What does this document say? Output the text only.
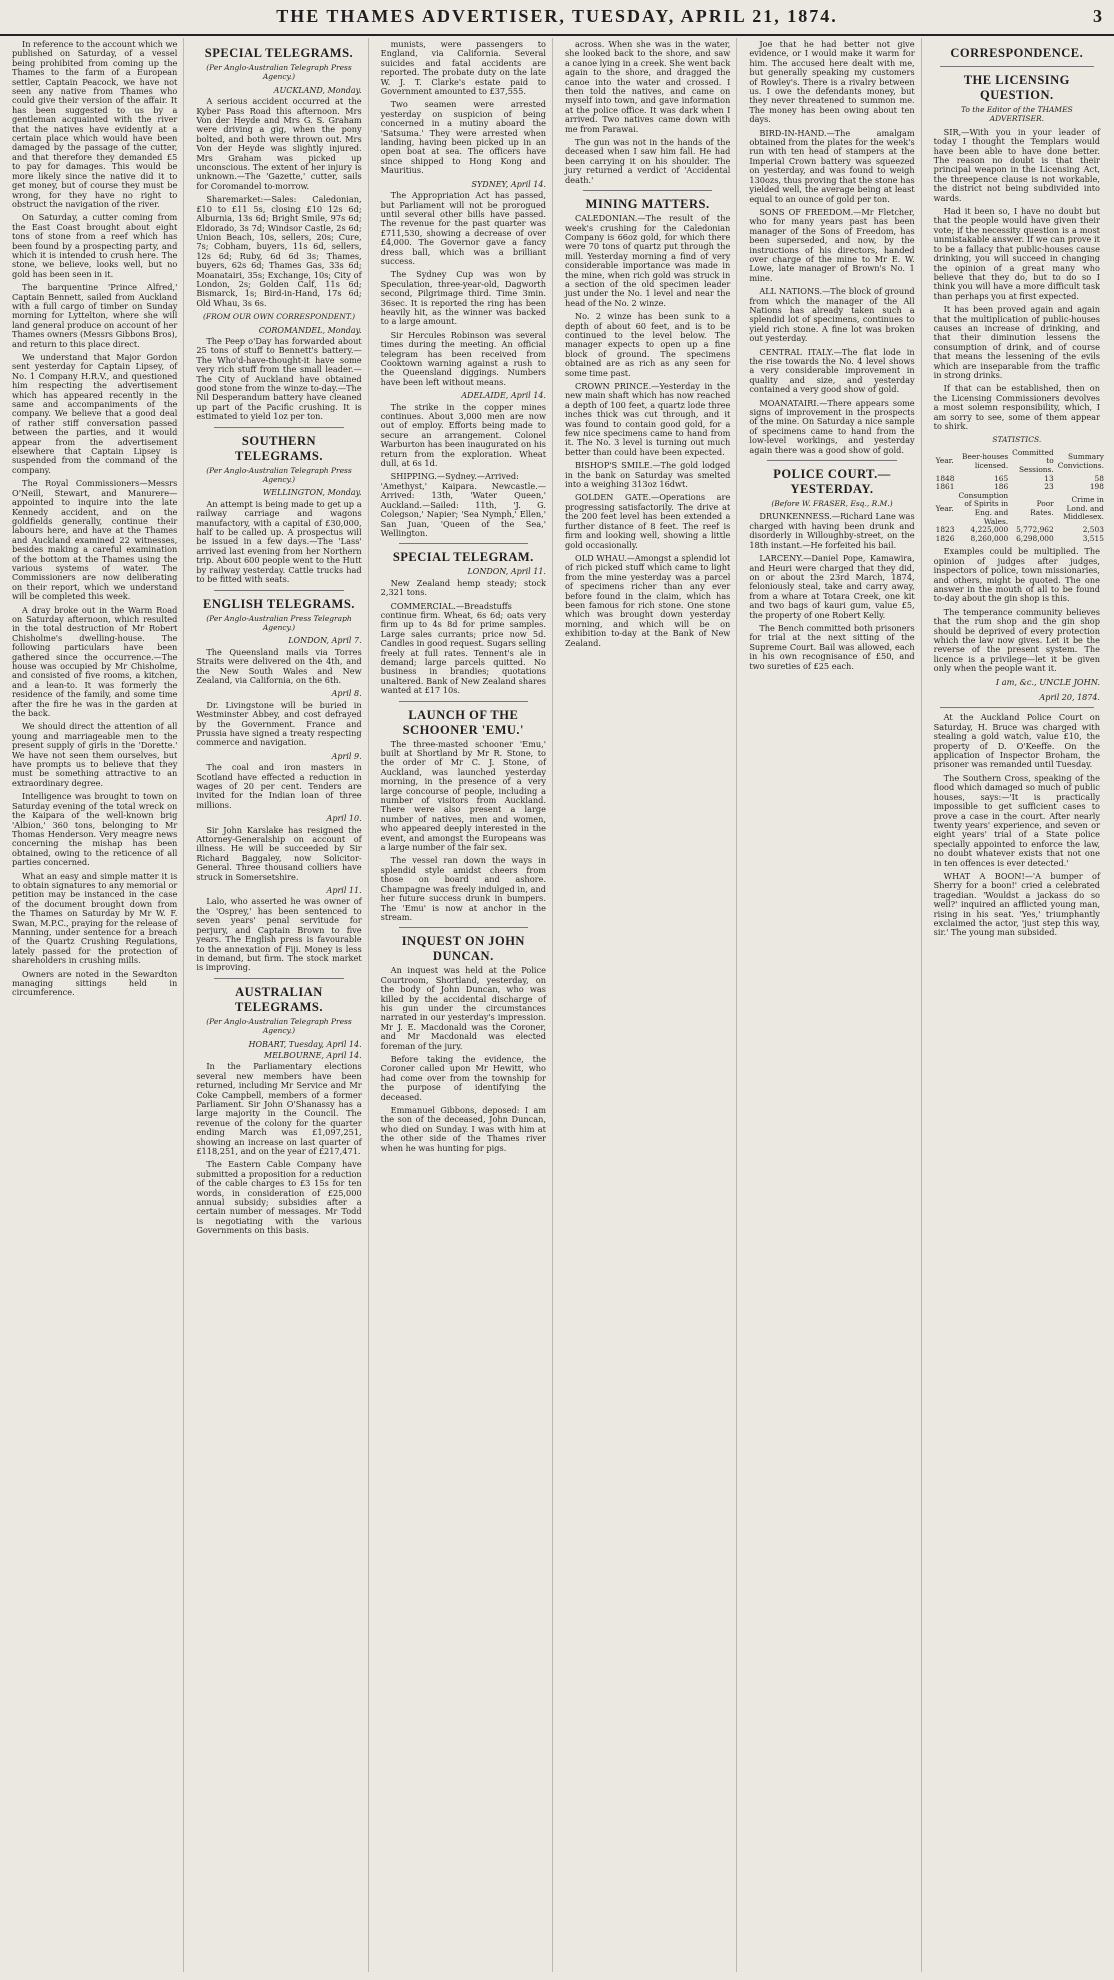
THE THAMES ADVERTISER, TUESDAY, APRIL 21, 1874.	3

In reference to the account which we published on Saturday, of a vessel being prohibited from coming up the Thames to the farm of a European settler, Captain Peacock, we have not seen any native from Thames who could give their version of the affair. It has been suggested to us by a gentleman acquainted with the river that the natives have evidently at a certain place which would have been damaged by the passage of the cutter, and that therefore they demanded £5 to pay for damages. This would be more likely since the native did it to get money, but of course they must be wrong, for they have no right to obstruct the navigation of the river.

On Saturday, a cutter coming from the East Coast brought about eight tons of stone from a reef which has been found by a prospecting party, and which it is intended to crush here. The stone, we believe, looks well, but no gold has been seen in it.

The barquentine 'Prince Alfred,' Captain Bennett, sailed from Auckland with a full cargo of timber on Sunday morning for Lyttelton, where she will land general produce on account of her Thames owners (Messrs Gibbons Bros), and return to this place direct.

We understand that Major Gordon sent yesterday for Captain Lipsey, of No. 1 Company H.R.V., and questioned him respecting the advertisement which has appeared recently in the same and accompaniments of the company. We believe that a good deal of rather stiff conversation passed between the parties, and it would appear from the advertisement elsewhere that Captain Lipsey is suspended from the command of the company.

The Royal Commissioners—Messrs O'Neill, Stewart, and Manurere—appointed to inquire into the late Kennedy accident, and on the goldfields generally, continue their labours here, and have at the Thames and Auckland examined 22 witnesses, besides making a careful examination of the bottom at the Thames using the various systems of water. The Commissioners are now deliberating on their report, which we understand will be completed this week.

A dray broke out in the Warm Road on Saturday afternoon, which resulted in the total destruction of Mr Robert Chisholme's dwelling-house. The following particulars have been gathered since the occurrence.—The house was occupied by Mr Chisholme, and consisted of five rooms, a kitchen, and a lean-to. It was formerly the residence of the family, and some time after the fire he was in the garden at the back.

We should direct the attention of all young and marriageable men to the present supply of girls in the 'Dorette.' We have not seen them ourselves, but have prompts us to believe that they must be something attractive to an extraordinary degree.

Intelligence was brought to town on Saturday evening of the total wreck on the Kaipara of the well-known brig 'Albion,' 360 tons, belonging to Mr Thomas Henderson. Very meagre news concerning the mishap has been obtained, owing to the reticence of all parties concerned.

What an easy and simple matter it is to obtain signatures to any memorial or petition may be instanced in the case of the document brought down from the Thames on Saturday by Mr W. F. Swan, M.P.C., praying for the release of Manning, under sentence for a breach of the Quartz Crushing Regulations, lately passed for the protection of shareholders in crushing mills.

Owners are noted in the Sewardton managing sittings held in circumference.

SPECIAL TELEGRAMS.
(Per Anglo-Australian Telegraph Press Agency.)
AUCKLAND, Monday.

A serious accident occurred at the Kyber Pass Road this afternoon. Mrs Von der Heyde and Mrs G. S. Graham were driving a gig, when the pony bolted, and both were thrown out. Mrs Von der Heyde was slightly injured. Mrs Graham was picked up unconscious. The extent of her injury is unknown.—The 'Gazette,' cutter, sails for Coromandel to-morrow.

Sharemarket:—Sales: Caledonian, £10 to £11 5s, closing £10 12s 6d; Alburnia, 13s 6d; Bright Smile, 97s 6d; Eldorado, 3s 7d; Windsor Castle, 2s 6d; Union Beach, 10s, sellers, 20s; Cure, 7s; Cobham, buyers, 11s 6d, sellers, 12s 6d; Ruby, 6d 6d 3s; Thames, buyers, 62s 6d; Thames Gas, 33s 6d; Moanatairi, 35s; Exchange, 10s; City of London, 2s; Golden Calf, 11s 6d; Bismarck, 1s; Bird-in-Hand, 17s 6d; Old Whau, 3s 6s.

(FROM OUR OWN CORRESPONDENT.)
COROMANDEL, Monday.

The Peep o'Day has forwarded about 25 tons of stuff to Bennett's battery.—The Who'd-have-thought-it have some very rich stuff from the small leader.—The City of Auckland have obtained good stone from the winze to-day.—The Nil Desperandum battery have cleaned up part of the Pacific crushing. It is estimated to yield 1oz per ton.

SOUTHERN TELEGRAMS.
(Per Anglo-Australian Telegraph Press Agency.)
WELLINGTON, Monday.

An attempt is being made to get up a railway carriage and wagons manufactory, with a capital of £30,000, half to be called up. A prospectus will be issued in a few days.—The 'Lass' arrived last evening from her Northern trip. About 600 people went to the Hutt by railway yesterday. Cattle trucks had to be fitted with seats.

ENGLISH TELEGRAMS.
(Per Anglo-Australian Press Telegraph Agency.)
LONDON, April 7.

The Queensland mails via Torres Straits were delivered on the 4th, and the New South Wales and New Zealand, via California, on the 6th.

April 8.

Dr. Livingstone will be buried in Westminster Abbey, and cost defrayed by the Government. France and Prussia have signed a treaty respecting commerce and navigation.

April 9.

The coal and iron masters in Scotland have effected a reduction in wages of 20 per cent. Tenders are invited for the Indian loan of three millions.

April 10.

Sir John Karslake has resigned the Attorney-Generalship on account of illness. He will be succeeded by Sir Richard Baggaley, now Solicitor-General. Three thousand colliers have struck in Somersetshire.

April 11.

Lalo, who asserted he was owner of the 'Osprey,' has been sentenced to seven years' penal servitude for perjury, and Captain Brown to five years. The English press is favourable to the annexation of Fiji. Money is less in demand, but firm. The stock market is improving.

AUSTRALIAN TELEGRAMS.
(Per Anglo-Australian Telegraph Press Agency.)
HOBART, Tuesday, April 14.
MELBOURNE, April 14.

In the Parliamentary elections several new members have been returned, including Mr Service and Mr Coke Campbell, members of a former Parliament. Sir John O'Shanassy has a large majority in the Council. The revenue of the colony for the quarter ending March was £1,097,251, showing an increase on last quarter of £118,251, and on the year of £217,471.

The Eastern Cable Company have submitted a proposition for a reduction of the cable charges to £3 15s for ten words, in consideration of £25,000 annual subsidy; subsidies after a certain number of messages. Mr Todd is negotiating with the various Governments on this basis.

munists, were passengers to England, via California. Several suicides and fatal accidents are reported. The probate duty on the late W. J. T. Clarke's estate paid to Government amounted to £37,555.

Two seamen were arrested yesterday on suspicion of being concerned in a mutiny aboard the 'Satsuma.' They were arrested when landing, having been picked up in an open boat at sea. The officers have since shipped to Hong Kong and Mauritius.

SYDNEY, April 14.

The Appropriation Act has passed, but Parliament will not be prorogued until several other bills have passed. The revenue for the past quarter was £711,530, showing a decrease of over £4,000. The Governor gave a fancy dress ball, which was a brilliant success.

The Sydney Cup was won by Speculation, three-year-old, Dagworth second, Pilgrimage third. Time 3min. 36sec. It is reported the ring has been heavily hit, as the winner was backed to a large amount.

Sir Hercules Robinson was several times during the meeting. An official telegram has been received from Cooktown warning against a rush to the Queensland diggings. Numbers have been left without means.

ADELAIDE, April 14.

The strike in the copper mines continues. About 3,000 men are now out of employ. Efforts being made to secure an arrangement. Colonel Warburton has been inaugurated on his return from the exploration. Wheat dull, at 6s 1d.

SHIPPING.—Sydney.—Arrived: 'Amethyst,' Kaipara. Newcastle.—Arrived: 13th, 'Water Queen,' Auckland.—Sailed: 11th, 'J. G. Colegson,' Napier; 'Sea Nymph,' Ellen,' San Juan, 'Queen of the Sea,' Wellington.

SPECIAL TELEGRAM.
LONDON, April 11.

New Zealand hemp steady; stock 2,321 tons.

COMMERCIAL.—Breadstuffs continue firm. Wheat, 6s 6d; oats very firm up to 4s 8d for prime samples. Large sales currants; price now 5d. Candles in good request. Sugars selling freely at full rates. Tennent's ale in demand; large parcels quitted. No business in brandies; quotations unaltered. Bank of New Zealand shares wanted at £17 10s.

LAUNCH OF THE SCHOONER 'EMU.'

The three-masted schooner 'Emu,' built at Shortland by Mr R. Stone, to the order of Mr C. J. Stone, of Auckland, was launched yesterday morning, in the presence of a very large concourse of people, including a number of visitors from Auckland. There were also present a large number of natives, men and women, who appeared deeply interested in the event, and amongst the Europeans was a large number of the fair sex.

The vessel ran down the ways in splendid style amidst cheers from those on board and ashore. Champagne was freely indulged in, and her future success drunk in bumpers. The 'Emu' is now at anchor in the stream.

INQUEST ON JOHN DUNCAN.

An inquest was held at the Police Courtroom, Shortland, yesterday, on the body of John Duncan, who was killed by the accidental discharge of his gun under the circumstances narrated in our yesterday's impression. Mr J. E. Macdonald was the Coroner, and Mr Macdonald was elected foreman of the jury.

Before taking the evidence, the Coroner called upon Mr Hewitt, who had come over from the township for the purpose of identifying the deceased.

Emmanuel Gibbons, deposed: I am the son of the deceased, John Duncan, who died on Sunday. I was with him at the other side of the Thames river when he was hunting for pigs.

across. When she was in the water, she looked back to the shore, and saw a canoe lying in a creek. She went back again to the shore, and dragged the canoe into the water and crossed. I then told the natives, and came on myself into town, and gave information at the police office. It was dark when I arrived. Two natives came down with me from Parawai.

The gun was not in the hands of the deceased when I saw him fall. He had been carrying it on his shoulder. The jury returned a verdict of 'Accidental death.'

MINING MATTERS.

CALEDONIAN.—The result of the week's crushing for the Caledonian Company is 66oz gold, for which there were 70 tons of quartz put through the mill. Yesterday morning a find of very considerable importance was made in the mine, when rich gold was struck in a section of the old specimen leader just under the No. 1 level and near the head of the No. 2 winze.

No. 2 winze has been sunk to a depth of about 60 feet, and is to be continued to the level below. The manager expects to open up a fine block of ground. The specimens obtained are as rich as any seen for some time past.

CROWN PRINCE.—Yesterday in the new main shaft which has now reached a depth of 100 feet, a quartz lode three inches thick was cut through, and it was found to contain good gold, for a few nice specimens came to hand from it. The No. 3 level is turning out much better than could have been expected.

BISHOP'S SMILE.—The gold lodged in the bank on Saturday was smelted into a weighing 313oz 16dwt.

GOLDEN GATE.—Operations are progressing satisfactorily. The drive at the 200 feet level has been extended a further distance of 8 feet. The reef is firm and looking well, showing a little gold occasionally.

OLD WHAU.—Amongst a splendid lot of rich picked stuff which came to light from the mine yesterday was a parcel of specimens richer than any ever before found in the claim, which has been famous for rich stone. One stone which was brought down yesterday morning, and which will be on exhibition to-day at the Bank of New Zealand.

Joe that he had better not give evidence, or I would make it warm for him. The accused here dealt with me, but generally speaking my customers of Rowley's. There is a rivalry between us. I owe the defendants money, but they never threatened to summon me. The money has been owing about ten days.

BIRD-IN-HAND.—The amalgam obtained from the plates for the week's run with ten head of stampers at the Imperial Crown battery was squeezed on yesterday, and was found to weigh 130ozs, thus proving that the stone has yielded well, the average being at least equal to an ounce of gold per ton.

SONS OF FREEDOM.—Mr Fletcher, who for many years past has been manager of the Sons of Freedom, has been superseded, and now, by the instructions of his directors, handed over charge of the mine to Mr E. W. Lowe, late manager of Brown's No. 1 mine.

ALL NATIONS.—The block of ground from which the manager of the All Nations has already taken such a splendid lot of specimens, continues to yield rich stone. A fine lot was broken out yesterday.

CENTRAL ITALY.—The flat lode in the rise towards the No. 4 level shows a very considerable improvement in quality and size, and yesterday contained a very good show of gold.

MOANATAIRI.—There appears some signs of improvement in the prospects of the mine. On Saturday a nice sample of specimens came to hand from the low-level workings, and yesterday again there was a good show of gold.

POLICE COURT.—YESTERDAY.
(Before W. FRASER, Esq., R.M.)

DRUNKENNESS.—Richard Lane was charged with having been drunk and disorderly in Willoughby-street, on the 18th instant.—He forfeited his bail.

LARCENY.—Daniel Pope, Kamawira, and Heuri were charged that they did, on or about the 23rd March, 1874, feloniously steal, take and carry away, from a whare at Totara Creek, one kit and two bags of kauri gum, value £5, the property of one Robert Kelly.

The Bench committed both prisoners for trial at the next sitting of the Supreme Court. Bail was allowed, each in his own recognisance of £50, and two sureties of £25 each.

CORRESPONDENCE.
THE LICENSING QUESTION.
To the Editor of the THAMES ADVERTISER.

SIR,—With you in your leader of today I thought the Templars would have been able to have done better. The reason no doubt is that their principal weapon in the Licensing Act, the threepence clause is not workable, the district not being subdivided into wards.

Had it been so, I have no doubt but that the people would have given their vote; if the necessity question is a most unmistakable answer. If we can prove it to be a fallacy that public-houses cause drinking, you will succeed in changing the opinion of a great many who believe that they do, but to do so I think you will have a more difficult task than perhaps you at first expected.

It has been proved again and again that the multiplication of public-houses causes an increase of drinking, and that their diminution lessens the consumption of drink, and of course that means the lessening of the evils which are inseparable from the traffic in strong drinks.

If that can be established, then on the Licensing Commissioners devolves a most solemn responsibility, which, I am sorry to see, some of them appear to shirk.

STATISTICS.
Year.	Beer-houses licensed.	Committed to Sessions.	Summary Convictions.
1848	165	13	58
1861	186	23	198
Year.	Consumption of Spirits in Eng. and Wales.	Poor Rates.	Crime in Lond. and Middlesex.
1823	4,225,000	5,772,962	2,503
1826	8,260,000	6,298,000	3,515

Examples could be multiplied. The opinion of judges after judges, inspectors of police, town missionaries, and others, might be quoted. The one answer in the mouth of all to be found to-day about the gin shop is this.

The temperance community believes that the rum shop and the gin shop should be deprived of every protection which the law now gives. Let it be the reverse of the present system. The licence is a privilege—let it be given only when the people want it.

I am, &c., UNCLE JOHN.
April 20, 1874.

At the Auckland Police Court on Saturday, H. Bruce was charged with stealing a gold watch, value £10, the property of D. O'Keeffe. On the application of Inspector Broham, the prisoner was remanded until Tuesday.

The Southern Cross, speaking of the flood which damaged so much of public houses, says:—'It is practically impossible to get sufficient cases to prove a case in the court. After nearly twenty years' experience, and seven or eight years' trial of a State police specially appointed to enforce the law, no doubt whatever exists that not one in ten offences is ever detected.'

WHAT A BOON!—'A bumper of Sherry for a boon!' cried a celebrated tragedian. 'Wouldst a jackass do so well?' inquired an afflicted young man, rising in his seat. 'Yes,' triumphantly exclaimed the actor, 'just step this way, sir.' The young man subsided.
